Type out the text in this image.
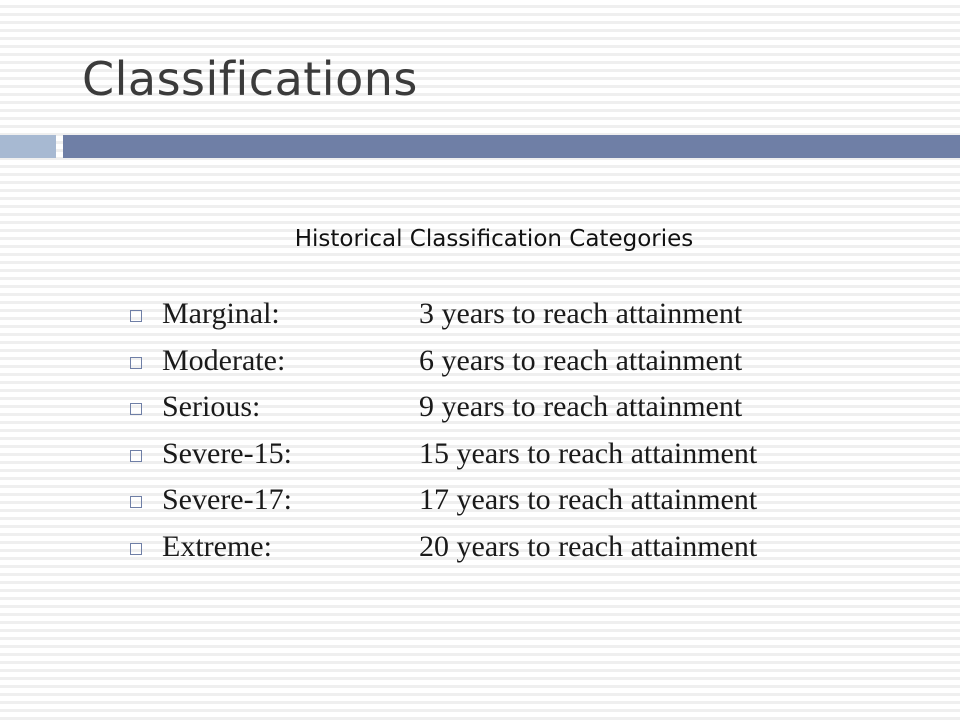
Classifications
Historical Classification Categories
Marginal:	3 years to reach attainment
Moderate:	6 years to reach attainment
Serious:	9 years to reach attainment
Severe-15:	15 years to reach attainment
Severe-17:	17 years to reach attainment
Extreme:	20 years to reach attainment
